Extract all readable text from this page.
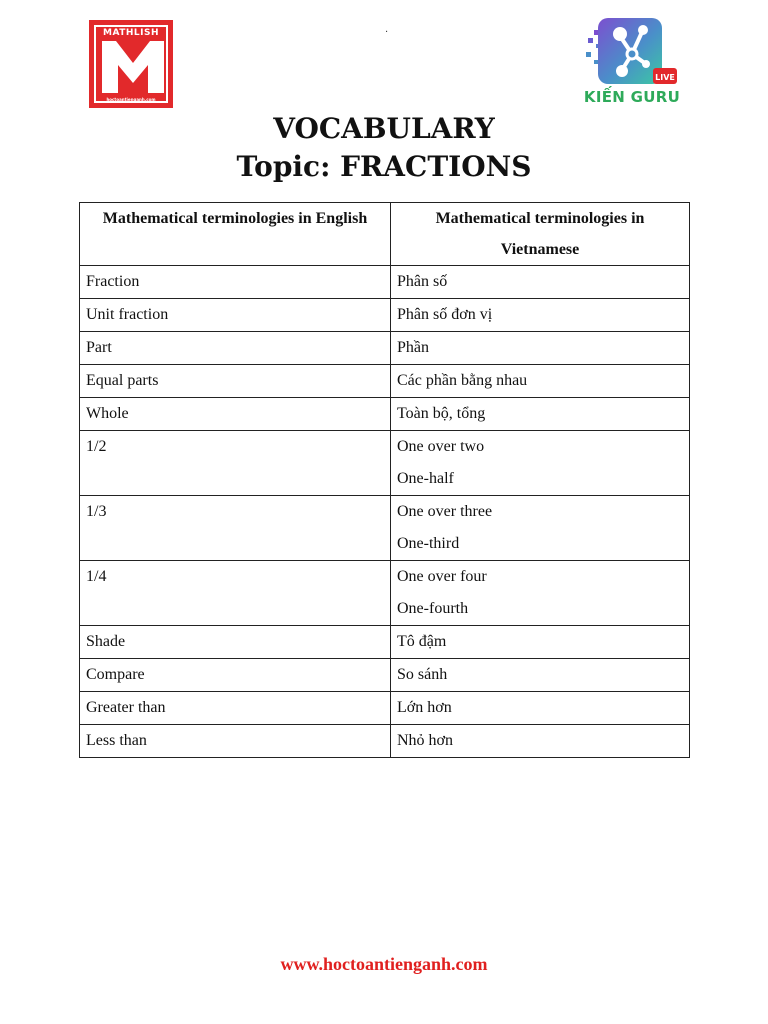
.
MATHLISH
hoctoantienganh.com
LIVE
KIẾN GURU
VOCABULARY
Topic: FRACTIONS
Mathematical terminologies in English	Mathematical terminologies in Vietnamese
Fraction	Phân số

Unit fraction	Phân số đơn vị

Part	Phần

Equal parts	Các phần bằng nhau

Whole	Toàn bộ, tổng

1/2	One over two
One-half

1/3	One over three
One-third

1/4	One over four
One-fourth

Shade	Tô đậm

Compare	So sánh

Greater than	Lớn hơn

Less than	Nhỏ hơn
www.hoctoantienganh.com
